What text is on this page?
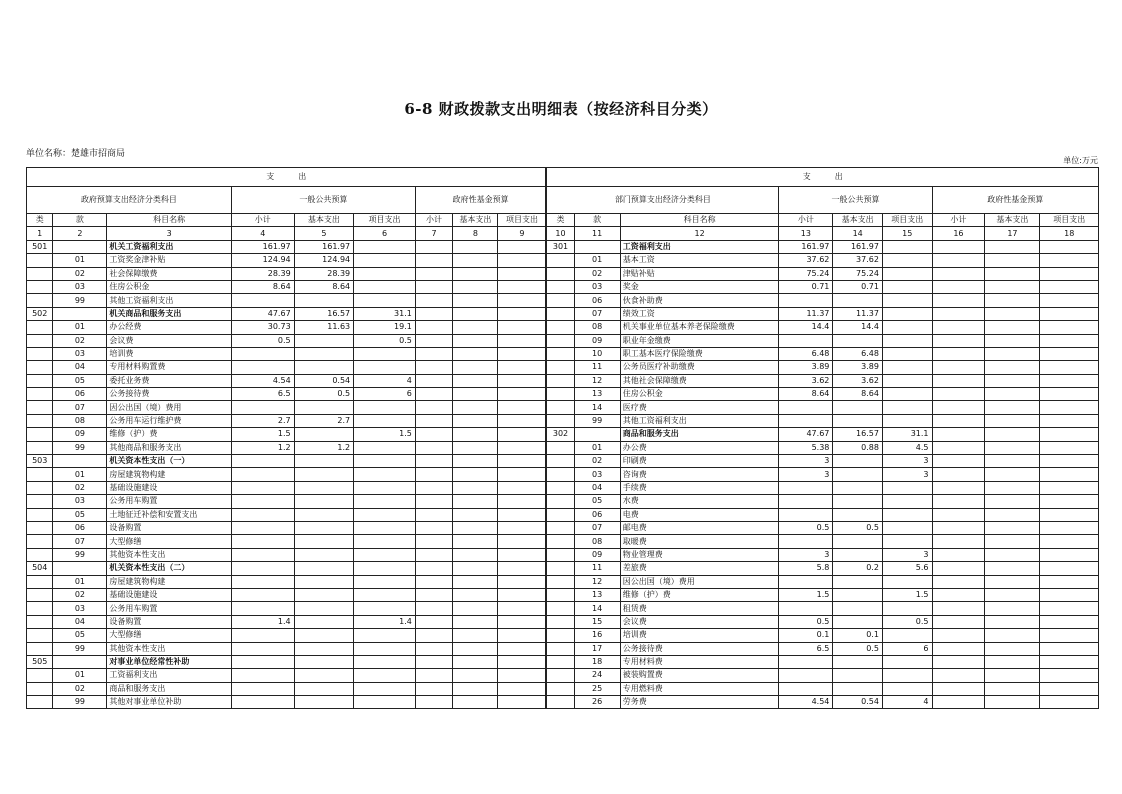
6-8 财政拨款支出明细表（按经济科目分类）
单位名称：楚雄市招商局
单位:万元
支　　　出									支　　　出								
政府预算支出经济分类科目			一般公共预算			政府性基金预算			部门预算支出经济分类科目			一般公共预算			政府性基金预算		
类	款	科目名称	小计	基本支出	项目支出	小计	基本支出	项目支出	类	款	科目名称	小计	基本支出	项目支出	小计	基本支出	项目支出
1	2	3	4	5	6	7	8	9	10	11	12	13	14	15	16	17	18
501		机关工资福利支出	161.97	161.97					301		工资福利支出	161.97	161.97				
	01	工资奖金津补贴	124.94	124.94						01	基本工资	37.62	37.62				
	02	社会保障缴费	28.39	28.39						02	津贴补贴	75.24	75.24				
	03	住房公积金	8.64	8.64						03	奖金	0.71	0.71				
	99	其他工资福利支出								06	伙食补助费						
502		机关商品和服务支出	47.67	16.57	31.1					07	绩效工资	11.37	11.37				
	01	办公经费	30.73	11.63	19.1					08	机关事业单位基本养老保险缴费	14.4	14.4				
	02	会议费	0.5		0.5					09	职业年金缴费						
	03	培训费								10	职工基本医疗保险缴费	6.48	6.48				
	04	专用材料购置费								11	公务员医疗补助缴费	3.89	3.89				
	05	委托业务费	4.54	0.54	4					12	其他社会保障缴费	3.62	3.62				
	06	公务接待费	6.5	0.5	6					13	住房公积金	8.64	8.64				
	07	因公出国（境）费用								14	医疗费						
	08	公务用车运行维护费	2.7	2.7						99	其他工资福利支出						
	09	维修（护）费	1.5		1.5				302		商品和服务支出	47.67	16.57	31.1			
	99	其他商品和服务支出	1.2	1.2						01	办公费	5.38	0.88	4.5			
503		机关资本性支出（一）								02	印刷费	3		3			
	01	房屋建筑物构建								03	咨询费	3		3			
	02	基础设施建设								04	手续费						
	03	公务用车购置								05	水费						
	05	土地征迁补偿和安置支出								06	电费						
	06	设备购置								07	邮电费	0.5	0.5				
	07	大型修缮								08	取暖费						
	99	其他资本性支出								09	物业管理费	3		3			
504		机关资本性支出（二）								11	差旅费	5.8	0.2	5.6			
	01	房屋建筑物构建								12	因公出国（境）费用						
	02	基础设施建设								13	维修（护）费	1.5		1.5			
	03	公务用车购置								14	租赁费						
	04	设备购置	1.4		1.4					15	会议费	0.5		0.5			
	05	大型修缮								16	培训费	0.1	0.1				
	99	其他资本性支出								17	公务接待费	6.5	0.5	6			
505		对事业单位经常性补助								18	专用材料费						
	01	工资福利支出								24	被装购置费						
	02	商品和服务支出								25	专用燃料费						
	99	其他对事业单位补助								26	劳务费	4.54	0.54	4			
